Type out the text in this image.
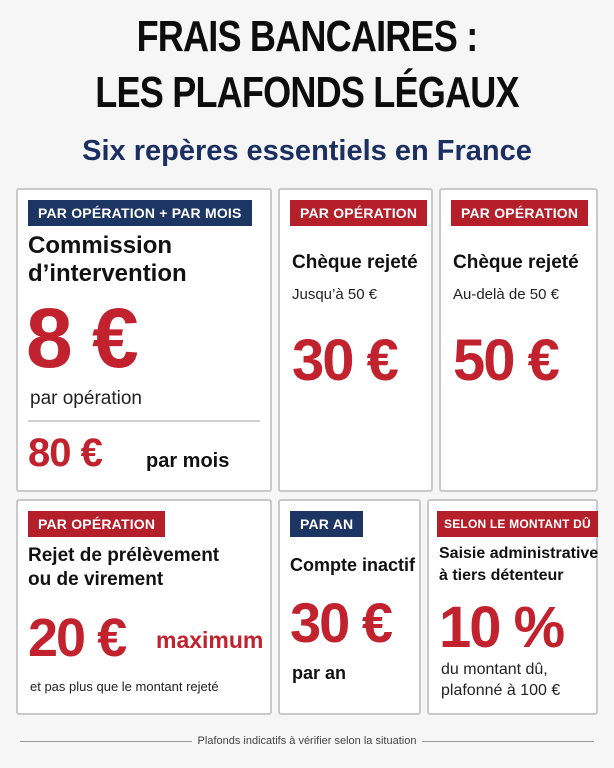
FRAIS BANCAIRES :
LES PLAFONDS LÉGAUX
Six repères essentiels en France
PAR OPÉRATION + PAR MOIS
Commission
d’intervention
8 €
par opération
80 € par mois
PAR OPÉRATION
Chèque rejeté
Jusqu’à 50 €
30 €
PAR OPÉRATION
Chèque rejeté
Au-delà de 50 €
50 €
PAR OPÉRATION
Rejet de prélèvement
ou de virement
20 € maximum
et pas plus que le montant rejeté
PAR AN
Compte inactif
30 €
par an
SELON LE MONTANT DÛ
Saisie administrative
à tiers détenteur
10 %
du montant dû,
plafonné à 100 €
Plafonds indicatifs à vérifier selon la situation
